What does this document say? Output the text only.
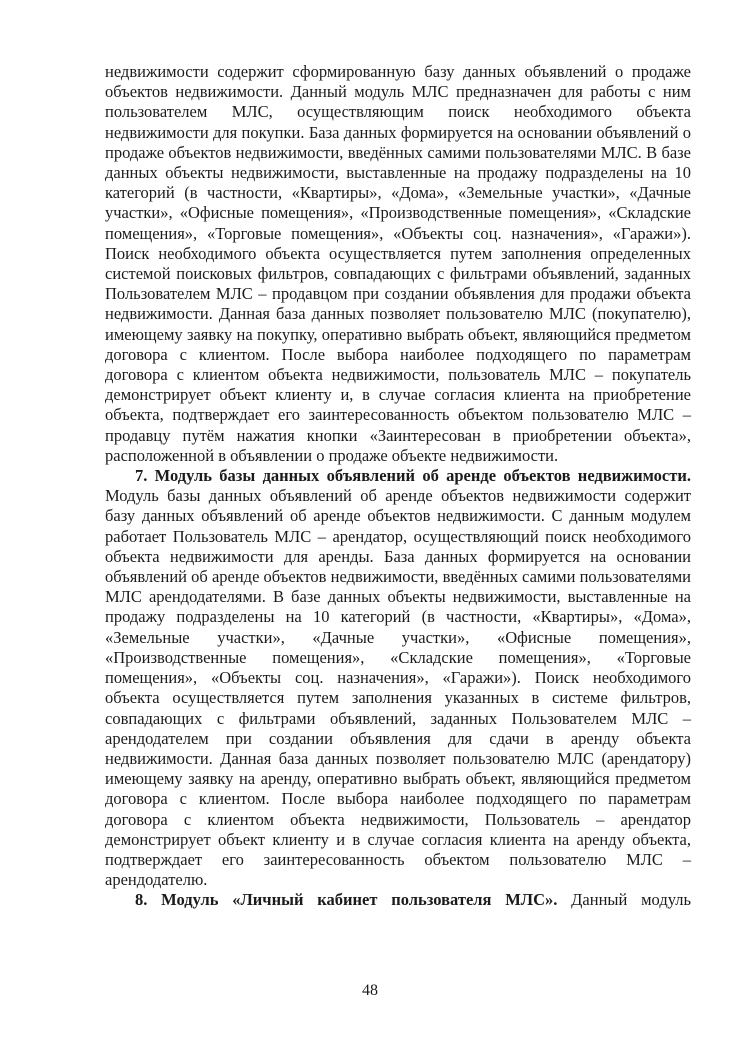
недвижимости содержит сформированную базу данных объявлений о продаже объектов недвижимости. Данный модуль МЛС предназначен для работы с ним пользователем МЛС, осуществляющим поиск необходимого объекта недвижимости для покупки. База данных формируется на основании объявлений о продаже объектов недвижимости, введённых самими пользователями МЛС. В базе данных объекты недвижимости, выставленные на продажу подразделены на 10 категорий (в частности, «Квартиры», «Дома», «Земельные участки», «Дачные участки», «Офисные помещения», «Производственные помещения», «Складские помещения», «Торговые помещения», «Объекты соц. назначения», «Гаражи»). Поиск необходимого объекта осуществляется путем заполнения определенных системой поисковых фильтров, совпадающих с фильтрами объявлений, заданных Пользователем МЛС – продавцом при создании объявления для продажи объекта недвижимости. Данная база данных позволяет пользователю МЛС (покупателю), имеющему заявку на покупку, оперативно выбрать объект, являющийся предметом договора с клиентом. После выбора наиболее подходящего по параметрам договора с клиентом объекта недвижимости, пользователь МЛС – покупатель демонстрирует объект клиенту и, в случае согласия клиента на приобретение объекта, подтверждает его заинтересованность объектом пользователю МЛС – продавцу путём нажатия кнопки «Заинтересован в приобретении объекта», расположенной в объявлении о продаже объекте недвижимости.

7. Модуль базы данных объявлений об аренде объектов недвижимости. Модуль базы данных объявлений об аренде объектов недвижимости содержит базу данных объявлений об аренде объектов недвижимости. С данным модулем работает Пользователь МЛС – арендатор, осуществляющий поиск необходимого объекта недвижимости для аренды. База данных формируется на основании объявлений об аренде объектов недвижимости, введённых самими пользователями МЛС арендодателями. В базе данных объекты недвижимости, выставленные на продажу подразделены на 10 категорий (в частности, «Квартиры», «Дома», «Земельные участки», «Дачные участки», «Офисные помещения», «Производственные помещения», «Складские помещения», «Торговые помещения», «Объекты соц. назначения», «Гаражи»). Поиск необходимого объекта осуществляется путем заполнения указанных в системе фильтров, совпадающих с фильтрами объявлений, заданных Пользователем МЛС – арендодателем при создании объявления для сдачи в аренду объекта недвижимости. Данная база данных позволяет пользователю МЛС (арендатору) имеющему заявку на аренду, оперативно выбрать объект, являющийся предметом договора с клиентом. После выбора наиболее подходящего по параметрам договора с клиентом объекта недвижимости, Пользователь – арендатор демонстрирует объект клиенту и в случае согласия клиента на аренду объекта, подтверждает его заинтересованность объектом пользователю МЛС – арендодателю.

8. Модуль «Личный кабинет пользователя МЛС». Данный модуль

48
